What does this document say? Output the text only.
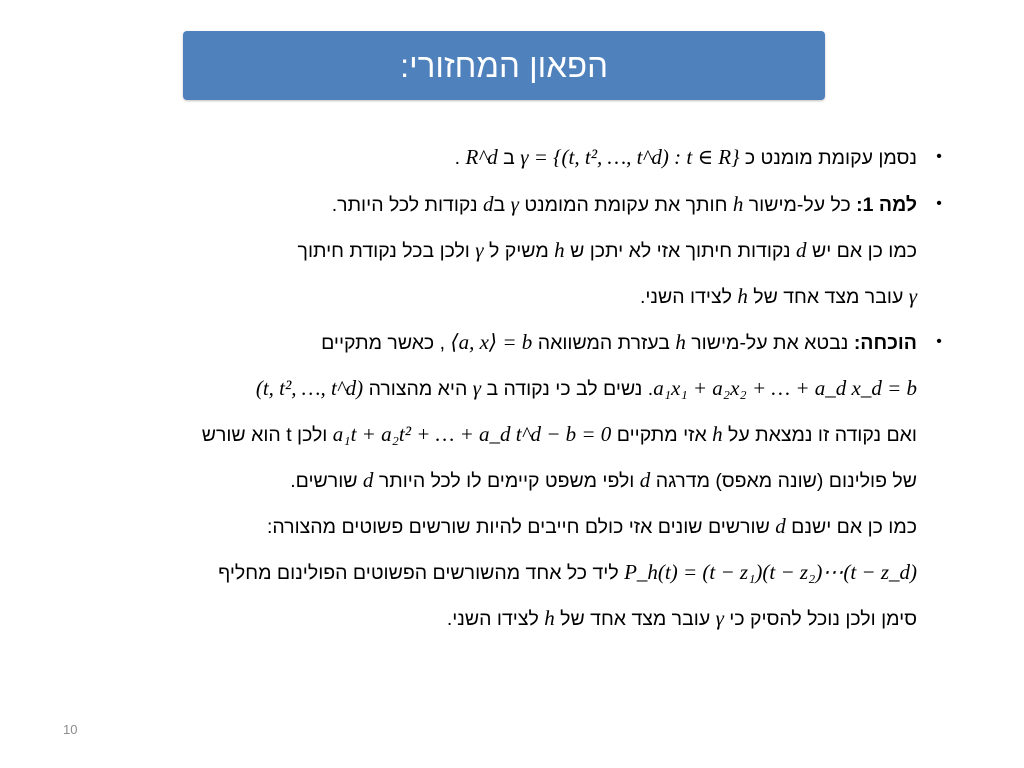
הפאון המחזורי:
•
נסמן עקומת מומנט כ γ = {(t, t², …, t^d) : t ∈ R} ב R^d .
•
למה 1: כל על-מישור h חותך את עקומת המומנט γ בd נקודות לכל היותר.
כמו כן אם יש d נקודות חיתוך אזי לא יתכן ש h משיק ל γ ולכן בכל נקודת חיתוך
γ עובר מצד אחד של h לצידו השני.
•
הוכחה: נבטא את על-מישור h בעזרת המשוואה ⟨a, x⟩ = b , כאשר מתקיים
a₁x₁ + a₂x₂ + … + a_d x_d = b. נשים לב כי נקודה ב γ היא מהצורה (t, t², …, t^d)
ואם נקודה זו נמצאת על h אזי מתקיים a₁t + a₂t² + … + a_d t^d − b = 0 ולכן t הוא שורש
של פולינום (שונה מאפס) מדרגה d ולפי משפט קיימים לו לכל היותר d שורשים.
כמו כן אם ישנם d שורשים שונים אזי כולם חייבים להיות שורשים פשוטים מהצורה:
P_h(t) = (t − z₁)(t − z₂)⋯(t − z_d) ליד כל אחד מהשורשים הפשוטים הפולינום מחליף
סימן ולכן נוכל להסיק כי γ עובר מצד אחד של h לצידו השני.
10
